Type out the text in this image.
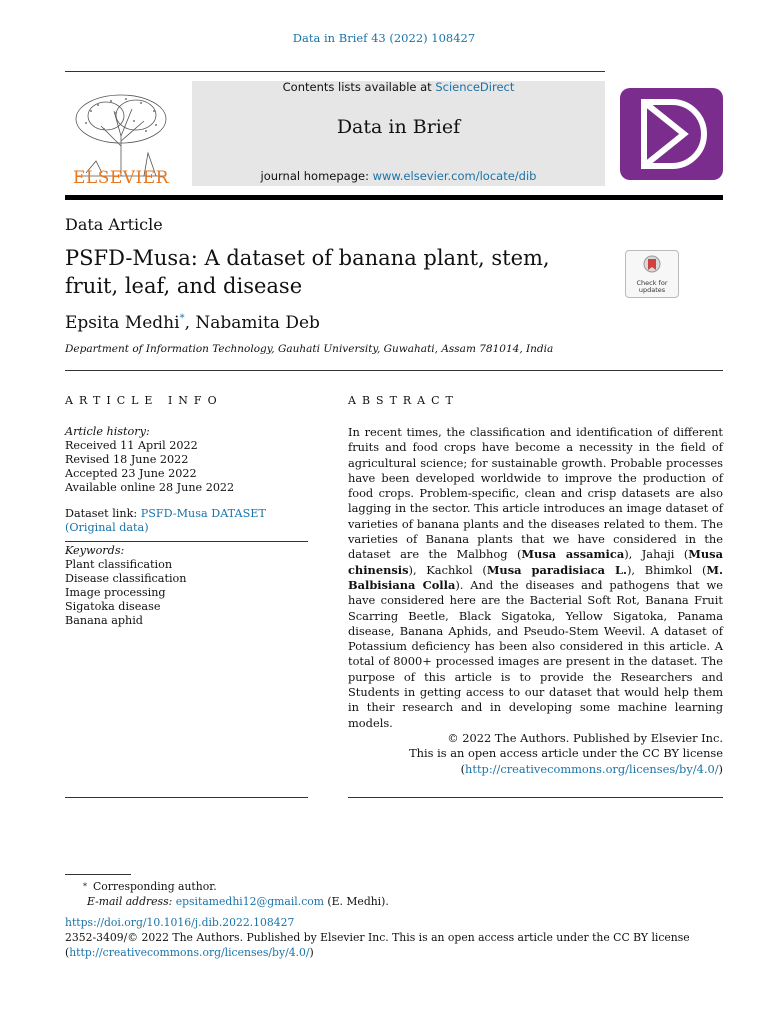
Data in Brief 43 (2022) 108427
ELSEVIER
Contents lists available at ScienceDirect
Data in Brief
journal homepage: www.elsevier.com/locate/dib
Data Article
PSFD-Musa: A dataset of banana plant, stem, fruit, leaf, and disease	Check for
updates
Epsita Medhi*, Nabamita Deb
Department of Information Technology, Gauhati University, Guwahati, Assam 781014, India
ARTICLE INFO
Article history:
Received 11 April 2022
Revised 18 June 2022
Accepted 23 June 2022
Available online 28 June 2022
Dataset link: PSFD-Musa DATASET (Original data)
Keywords:
Plant classification
Disease classification
Image processing
Sigatoka disease
Banana aphid
ABSTRACT
In recent times, the classification and identification of different fruits and food crops have become a necessity in the field of agricultural science; for sustainable growth. Probable processes have been developed worldwide to improve the production of food crops. Problem-specific, clean and crisp datasets are also lagging in the sector. This article introduces an image dataset of varieties of banana plants and the diseases related to them. The varieties of Banana plants that we have considered in the dataset are the Malbhog (Musa assamica), Jahaji (Musa chinensis), Kachkol (Musa paradisiaca L.), Bhimkol (M. Balbisiana Colla). And the diseases and pathogens that we have considered here are the Bacterial Soft Rot, Banana Fruit Scarring Beetle, Black Sigatoka, Yellow Sigatoka, Panama disease, Banana Aphids, and Pseudo-Stem Weevil. A dataset of Potassium deficiency has been also considered in this article. A total of 8000+ processed images are present in the dataset. The purpose of this article is to provide the Researchers and Students in getting access to our dataset that would help them in their research and in developing some machine learning models.
© 2022 The Authors. Published by Elsevier Inc.
This is an open access article under the CC BY license
(http://creativecommons.org/licenses/by/4.0/)
* Corresponding author.
E-mail address: epsitamedhi12@gmail.com (E. Medhi).
https://doi.org/10.1016/j.dib.2022.108427
2352-3409/© 2022 The Authors. Published by Elsevier Inc. This is an open access article under the CC BY license
(http://creativecommons.org/licenses/by/4.0/)
